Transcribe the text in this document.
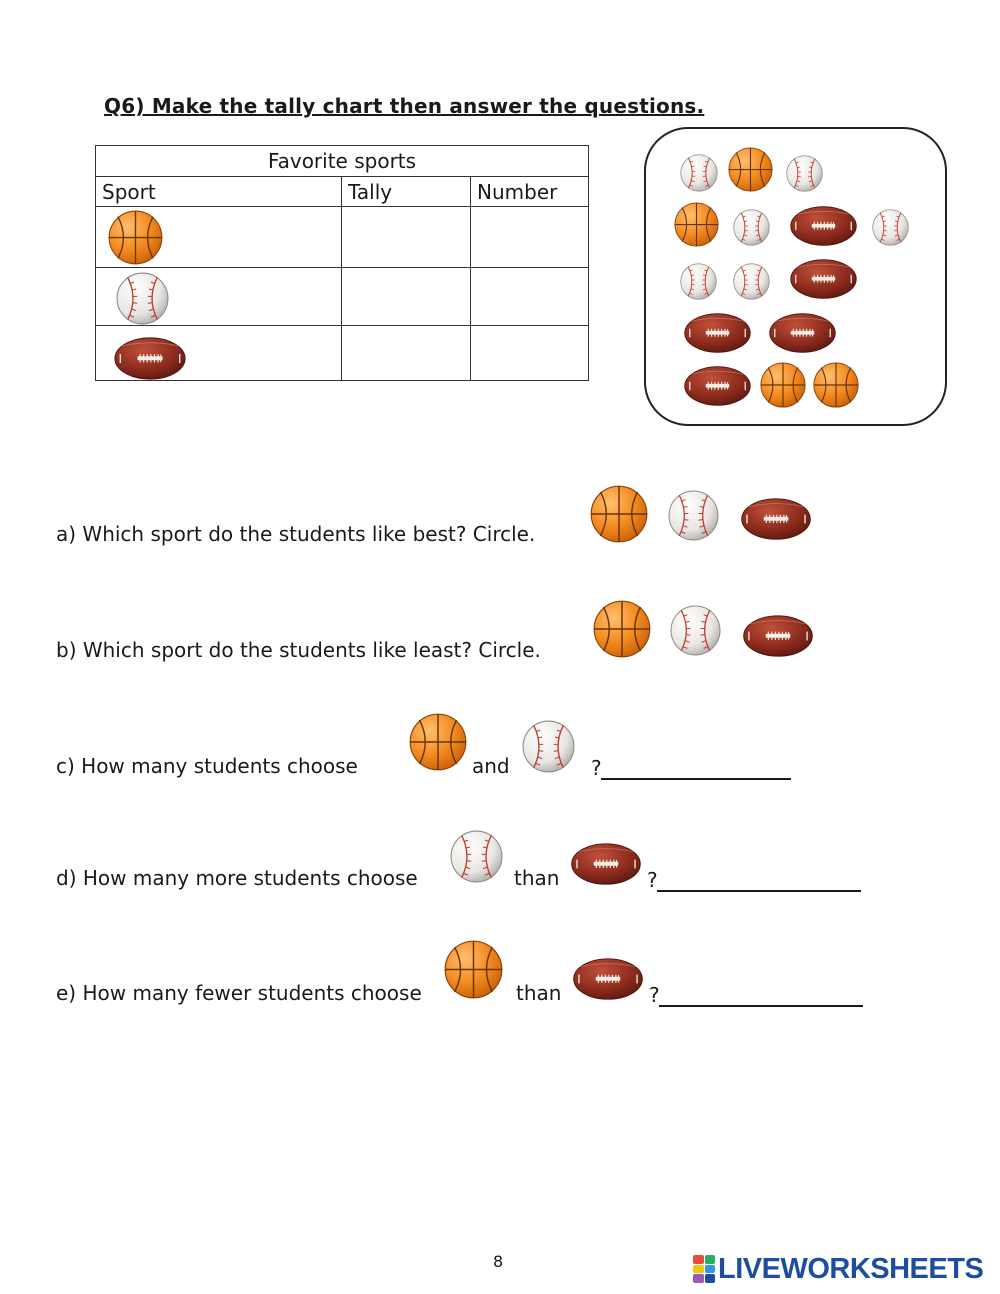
Q6) Make the tally chart then answer the questions.
Favorite sports		
Sport	Tally	Number

a) Which sport do the students like best? Circle.
b) Which sport do the students like least? Circle.
c) How many students choose	and	?
d) How many more students choose	than	?
e) How many fewer students choose	than	?
8	LIVEWORKSHEETS
